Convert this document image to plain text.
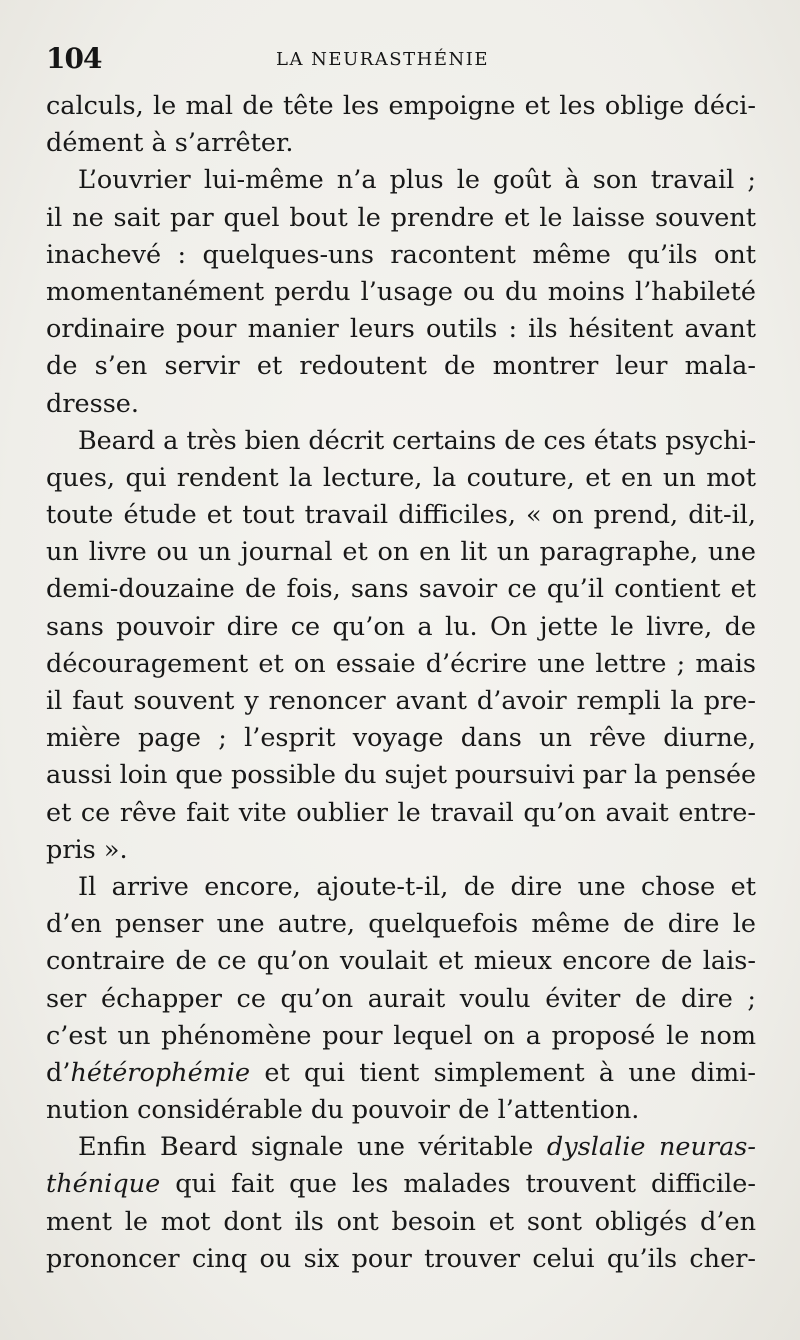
104	LA NEURASTHÉNIE
calculs, le mal de tête les empoigne et les oblige déci-
dément à s’arrêter.
L’ouvrier lui-même n’a plus le goût à son travail ;
il ne sait par quel bout le prendre et le laisse souvent
inachevé : quelques-uns racontent même qu’ils ont
momentanément perdu l’usage ou du moins l’habileté
ordinaire pour manier leurs outils : ils hésitent avant
de s’en servir et redoutent de montrer leur mala-
dresse.
Beard a très bien décrit certains de ces états psychi-
ques, qui rendent la lecture, la couture, et en un mot
toute étude et tout travail difficiles, « on prend, dit-il,
un livre ou un journal et on en lit un paragraphe, une
demi-douzaine de fois, sans savoir ce qu’il contient et
sans pouvoir dire ce qu’on a lu. On jette le livre, de
découragement et on essaie d’écrire une lettre ; mais
il faut souvent y renoncer avant d’avoir rempli la pre-
mière page ; l’esprit voyage dans un rêve diurne,
aussi loin que possible du sujet poursuivi par la pensée
et ce rêve fait vite oublier le travail qu’on avait entre-
pris ».
Il arrive encore, ajoute-t-il, de dire une chose et
d’en penser une autre, quelquefois même de dire le
contraire de ce qu’on voulait et mieux encore de lais-
ser échapper ce qu’on aurait voulu éviter de dire ;
c’est un phénomène pour lequel on a proposé le nom
d’hétérophémie et qui tient simplement à une dimi-
nution considérable du pouvoir de l’attention.
Enfin Beard signale une véritable dyslalie neuras-
thénique qui fait que les malades trouvent difficile-
ment le mot dont ils ont besoin et sont obligés d’en
prononcer cinq ou six pour trouver celui qu’ils cher-
